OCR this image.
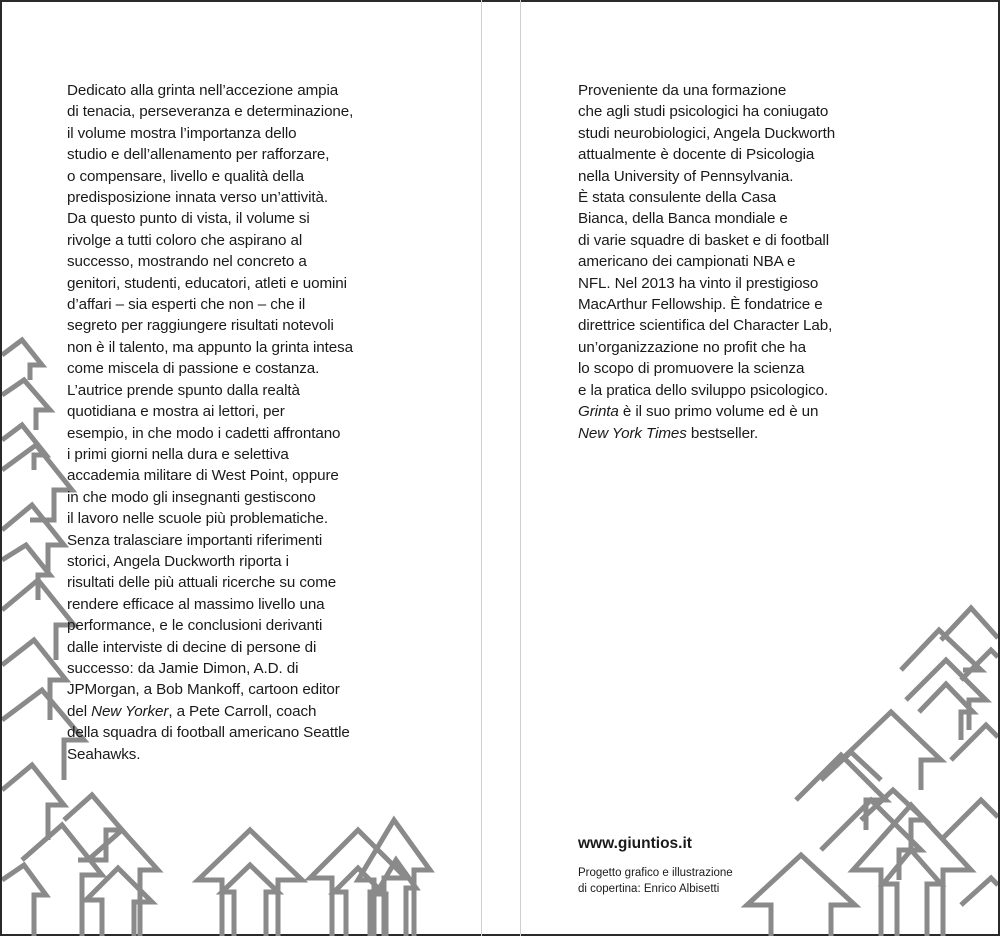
Dedicato alla grinta nell’accezione ampia
di tenacia, perseveranza e determinazione,
il volume mostra l’importanza dello
studio e dell’allenamento per rafforzare,
o compensare, livello e qualità della
predisposizione innata verso un’attività.
Da questo punto di vista, il volume si
rivolge a tutti coloro che aspirano al
successo, mostrando nel concreto a
genitori, studenti, educatori, atleti e uomini
d’affari – sia esperti che non – che il
segreto per raggiungere risultati notevoli
non è il talento, ma appunto la grinta intesa
come miscela di passione e costanza.
L’autrice prende spunto dalla realtà
quotidiana e mostra ai lettori, per
esempio, in che modo i cadetti affrontano
i primi giorni nella dura e selettiva
accademia militare di West Point, oppure
in che modo gli insegnanti gestiscono
il lavoro nelle scuole più problematiche.
Senza tralasciare importanti riferimenti
storici, Angela Duckworth riporta i
risultati delle più attuali ricerche su come
rendere efficace al massimo livello una
performance, e le conclusioni derivanti
dalle interviste di decine di persone di
successo: da Jamie Dimon, A.D. di
JPMorgan, a Bob Mankoff, cartoon editor
del New Yorker, a Pete Carroll, coach
della squadra di football americano Seattle
Seahawks.
Proveniente da una formazione
che agli studi psicologici ha coniugato
studi neurobiologici, Angela Duckworth
attualmente è docente di Psicologia
nella University of Pennsylvania.
È stata consulente della Casa
Bianca, della Banca mondiale e
di varie squadre di basket e di football
americano dei campionati NBA e
NFL. Nel 2013 ha vinto il prestigioso
MacArthur Fellowship. È fondatrice e
direttrice scientifica del Character Lab,
un’organizzazione no profit che ha
lo scopo di promuovere la scienza
e la pratica dello sviluppo psicologico.
Grinta è il suo primo volume ed è un
New York Times bestseller.
www.giuntios.it
Progetto grafico e illustrazione
di copertina: Enrico Albisetti
